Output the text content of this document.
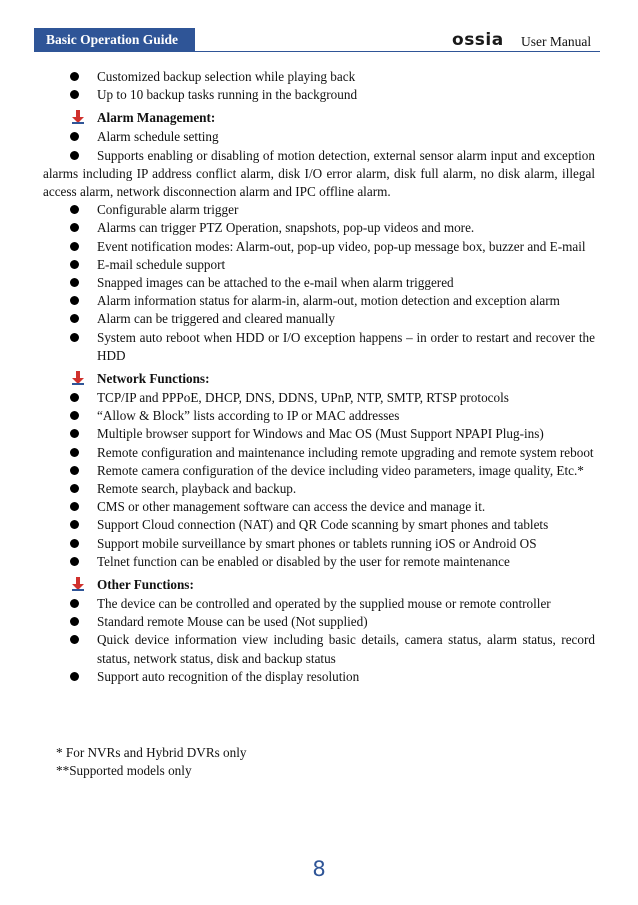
Basic Operation Guide	ossia User Manual
Customized backup selection while playing back
Up to 10 backup tasks running in the background
Alarm Management:
Alarm schedule setting
Supports enabling or disabling of motion detection, external sensor alarm input and exception alarms including IP address conflict alarm, disk I/O error alarm, disk full alarm, no disk alarm, illegal access alarm, network disconnection alarm and IPC offline alarm.
Configurable alarm trigger
Alarms can trigger PTZ Operation, snapshots, pop-up videos and more.
Event notification modes: Alarm-out, pop-up video, pop-up message box, buzzer and E-mail
E-mail schedule support
Snapped images can be attached to the e-mail when alarm triggered
Alarm information status for alarm-in, alarm-out, motion detection and exception alarm
Alarm can be triggered and cleared manually
System auto reboot when HDD or I/O exception happens – in order to restart and recover the HDD
Network Functions:
TCP/IP and PPPoE, DHCP, DNS, DDNS, UPnP, NTP, SMTP, RTSP protocols
“Allow & Block” lists according to IP or MAC addresses
Multiple browser support for Windows and Mac OS (Must Support NPAPI Plug-ins)
Remote configuration and maintenance including remote upgrading and remote system reboot
Remote camera configuration of the device including video parameters, image quality, Etc.*
Remote search, playback and backup.
CMS or other management software can access the device and manage it.
Support Cloud connection (NAT) and QR Code scanning by smart phones and tablets
Support mobile surveillance by smart phones or tablets running iOS or Android OS
Telnet function can be enabled or disabled by the user for remote maintenance
Other Functions:
The device can be controlled and operated by the supplied mouse or remote controller
Standard remote Mouse can be used (Not supplied)
Quick device information view including basic details, camera status, alarm status, record status, network status, disk and backup status
Support auto recognition of the display resolution
* For NVRs and Hybrid DVRs only
**Supported models only
8
